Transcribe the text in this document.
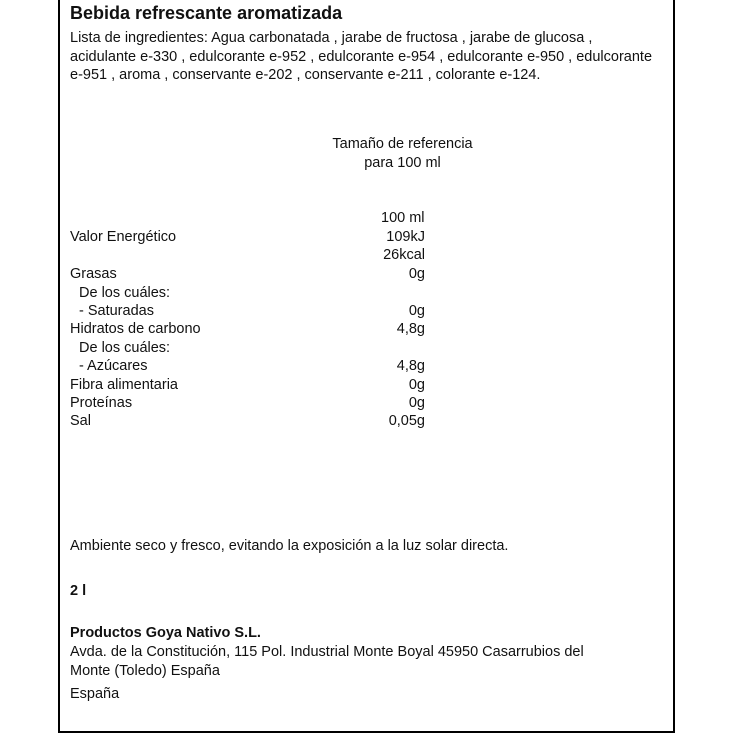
Bebida refrescante aromatizada
Lista de ingredientes: Agua carbonatada , jarabe de fructosa , jarabe de glucosa , acidulante e-330 , edulcorante e-952 , edulcorante e-954 , edulcorante e-950 , edulcorante e-951 , aroma , conservante e-202 , conservante e-211 , colorante e-124.
Tamaño de referencia
para 100 ml
100 ml
Valor Energético	109kJ
26kcal
Grasas	0g
De los cuáles:
- Saturadas	0g
Hidratos de carbono	4,8g
De los cuáles:
- Azúcares	4,8g
Fibra alimentaria	0g
Proteínas	0g
Sal	0,05g
Ambiente seco y fresco, evitando la exposición a la luz solar directa.
2 l
Productos Goya Nativo S.L.
Avda. de la Constitución, 115 Pol. Industrial Monte Boyal 45950 Casarrubios del
Monte (Toledo) España
España
